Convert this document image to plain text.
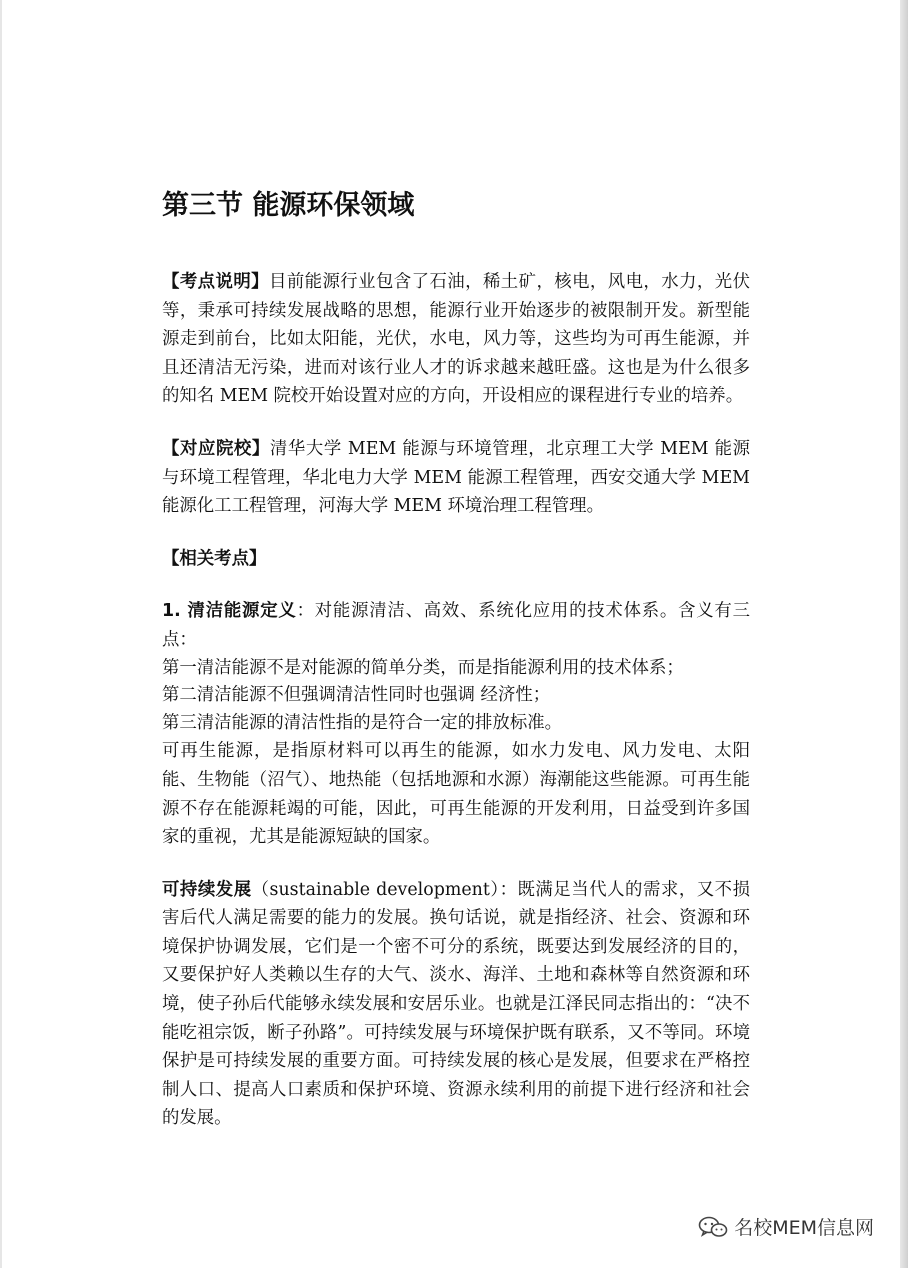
第三节 能源环保领域

【考点说明】目前能源行业包含了石油，稀土矿，核电，风电，水力，光伏等，秉承可持续发展战略的思想，能源行业开始逐步的被限制开发。新型能源走到前台，比如太阳能，光伏，水电，风力等，这些均为可再生能源，并且还清洁无污染，进而对该行业人才的诉求越来越旺盛。这也是为什么很多的知名 MEM 院校开始设置对应的方向，开设相应的课程进行专业的培养。

【对应院校】清华大学 MEM 能源与环境管理，北京理工大学 MEM 能源与环境工程管理，华北电力大学 MEM 能源工程管理，西安交通大学 MEM 能源化工工程管理，河海大学 MEM 环境治理工程管理。

【相关考点】

1. 清洁能源定义：对能源清洁、高效、系统化应用的技术体系。含义有三点：
第一清洁能源不是对能源的简单分类，而是指能源利用的技术体系；
第二清洁能源不但强调清洁性同时也强调 经济性；
第三清洁能源的清洁性指的是符合一定的排放标准。
可再生能源，是指原材料可以再生的能源，如水力发电、风力发电、太阳能、生物能（沼气）、地热能（包括地源和水源）海潮能这些能源。可再生能源不存在能源耗竭的可能，因此，可再生能源的开发利用，日益受到许多国家的重视，尤其是能源短缺的国家。

可持续发展（sustainable development）：既满足当代人的需求，又不损害后代人满足需要的能力的发展。换句话说，就是指经济、社会、资源和环境保护协调发展，它们是一个密不可分的系统，既要达到发展经济的目的，又要保护好人类赖以生存的大气、淡水、海洋、土地和森林等自然资源和环境，使子孙后代能够永续发展和安居乐业。也就是江泽民同志指出的：“决不能吃祖宗饭，断子孙路”。可持续发展与环境保护既有联系，又不等同。环境保护是可持续发展的重要方面。可持续发展的核心是发展，但要求在严格控制人口、提高人口素质和保护环境、资源永续利用的前提下进行经济和社会的发展。

名校MEM信息网
